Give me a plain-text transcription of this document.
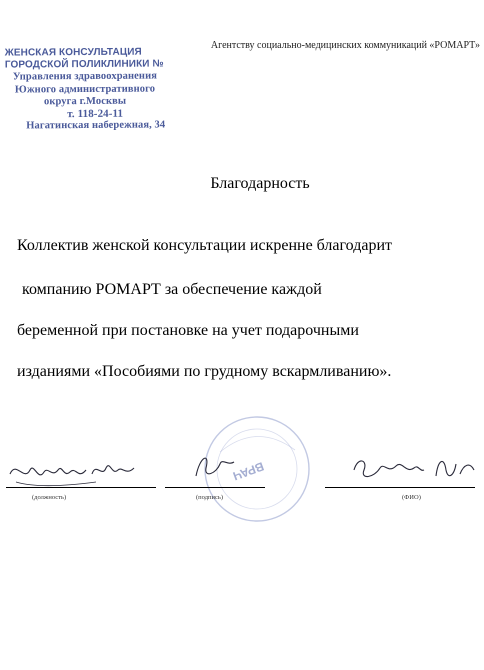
ЖЕНСКАЯ КОНСУЛЬТАЦИЯ
ГОРОДСКОЙ ПОЛИКЛИНИКИ №
Управления здравоохранения
Южного административного
округа г.Москвы
т. 118-24-11
Нагатинская набережная, 34
Агентству социально-медицинских коммуникаций «РОМАРТ»
Благодарность
Коллектив женской консультации искренне благодарит
компанию РОМАРТ за обеспечение каждой
беременной при постановке на учет подарочными
изданиями «Пособиями по грудному вскармливанию».
ВРАЧ
(должность)	(подпись)	(ФИО)
